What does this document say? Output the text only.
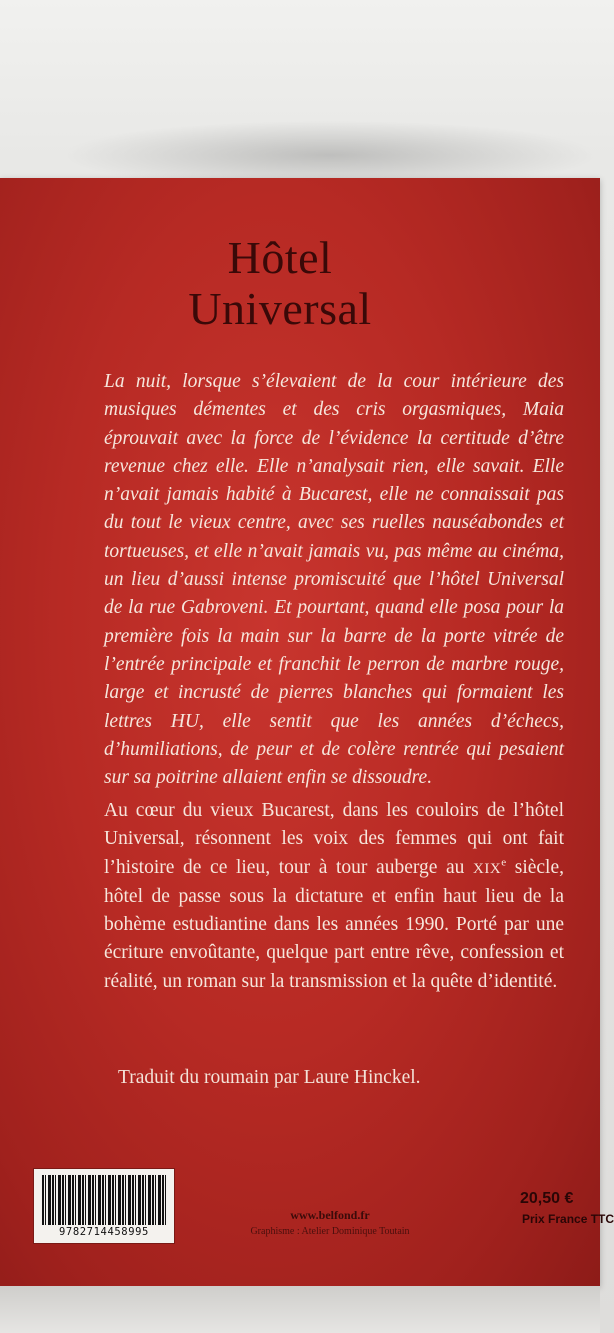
Hôtel
Universal
La nuit, lorsque s’élevaient de la cour intérieure des musiques démentes et des cris orgasmiques, Maia éprouvait avec la force de l’évidence la certitude d’être revenue chez elle. Elle n’analysait rien, elle savait. Elle n’avait jamais habité à Bucarest, elle ne connaissait pas du tout le vieux centre, avec ses ruelles nauséabondes et tortueuses, et elle n’avait jamais vu, pas même au cinéma, un lieu d’aussi intense promiscuité que l’hôtel Universal de la rue Gabroveni. Et pourtant, quand elle posa pour la première fois la main sur la barre de la porte vitrée de l’entrée principale et franchit le perron de marbre rouge, large et incrusté de pierres blanches qui formaient les lettres HU, elle sentit que les années d’échecs, d’humiliations, de peur et de colère rentrée qui pesaient sur sa poitrine allaient enfin se dissoudre.
Au cœur du vieux Bucarest, dans les couloirs de l’hôtel Universal, résonnent les voix des femmes qui ont fait l’histoire de ce lieu, tour à tour auberge au XIXe siècle, hôtel de passe sous la dictature et enfin haut lieu de la bohème estudiantine dans les années 1990. Porté par une écriture envoûtante, quelque part entre rêve, confession et réalité, un roman sur la transmission et la quête d’identité.
Traduit du roumain par Laure Hinckel.
9782714458995
www.belfond.fr
Graphisme : Atelier Dominique Toutain
20,50 €
Prix France TTC
